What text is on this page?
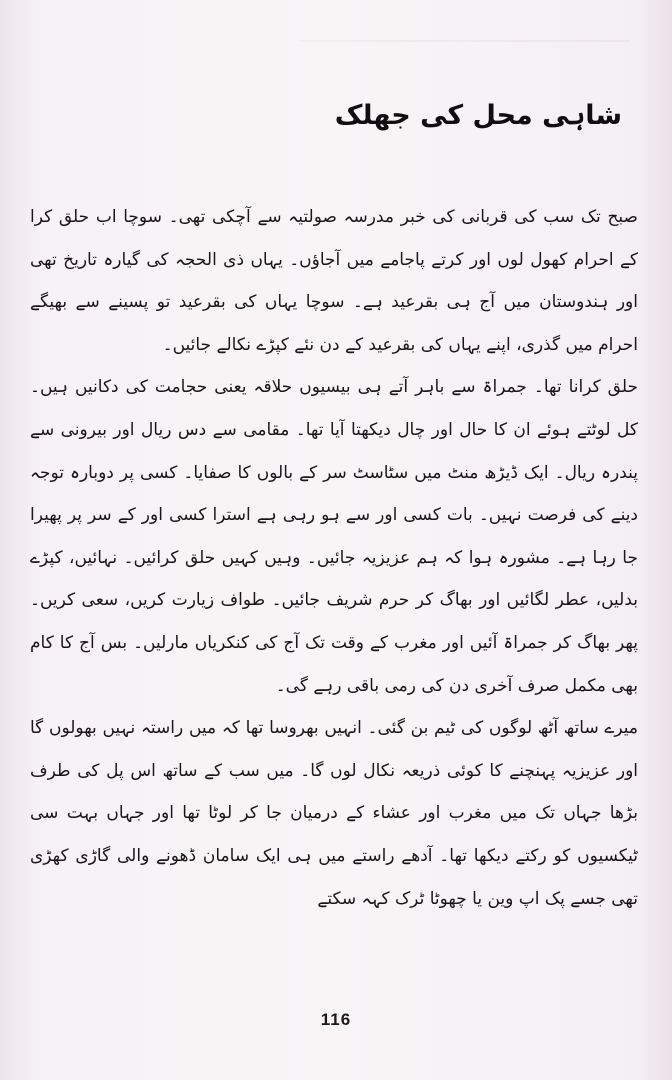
شاہی محل کی جھلک

صبح تک سب کی قربانی کی خبر مدرسہ صولتیہ سے آچکی تھی۔ سوچا اب حلق کرا کے احرام کھول لوں اور کرتے پاجامے میں آجاؤں۔ یہاں ذی الحجہ کی گیارہ تاریخ تھی اور ہندوستان میں آج ہی بقرعید ہے۔ سوچا یہاں کی بقرعید تو پسینے سے بھیگے احرام میں گذری، اپنے یہاں کی بقرعید کے دن نئے کپڑے نکالے جائیں۔

حلق کرانا تھا۔ جمراۃ سے باہر آتے ہی بیسیوں حلاقہ یعنی حجامت کی دکانیں ہیں۔ کل لوٹتے ہوئے ان کا حال اور چال دیکھتا آیا تھا۔ مقامی سے دس ریال اور بیرونی سے پندرہ ریال۔ ایک ڈیڑھ منٹ میں سٹاسٹ سر کے بالوں کا صفایا۔ کسی پر دوبارہ توجہ دینے کی فرصت نہیں۔ بات کسی اور سے ہو رہی ہے استرا کسی اور کے سر پر پھیرا جا رہا ہے۔ مشورہ ہوا کہ ہم عزیزیہ جائیں۔ وہیں کہیں حلق کرائیں۔ نہائیں، کپڑے بدلیں، عطر لگائیں اور بھاگ کر حرم شریف جائیں۔ طواف زیارت کریں، سعی کریں۔ پھر بھاگ کر جمراۃ آئیں اور مغرب کے وقت تک آج کی کنکریاں مارلیں۔ بس آج کا کام بھی مکمل صرف آخری دن کی رمی باقی رہے گی۔

میرے ساتھ آٹھ لوگوں کی ٹیم بن گئی۔ انہیں بھروسا تھا کہ میں راستہ نہیں بھولوں گا اور عزیزیہ پہنچنے کا کوئی ذریعہ نکال لوں گا۔ میں سب کے ساتھ اس پل کی طرف بڑھا جہاں تک میں مغرب اور عشاء کے درمیان جا کر لوٹا تھا اور جہاں بہت سی ٹیکسیوں کو رکتے دیکھا تھا۔ آدھے راستے میں ہی ایک سامان ڈھونے والی گاڑی کھڑی تھی جسے پک اپ وین یا چھوٹا ٹرک کہہ سکتے

116
